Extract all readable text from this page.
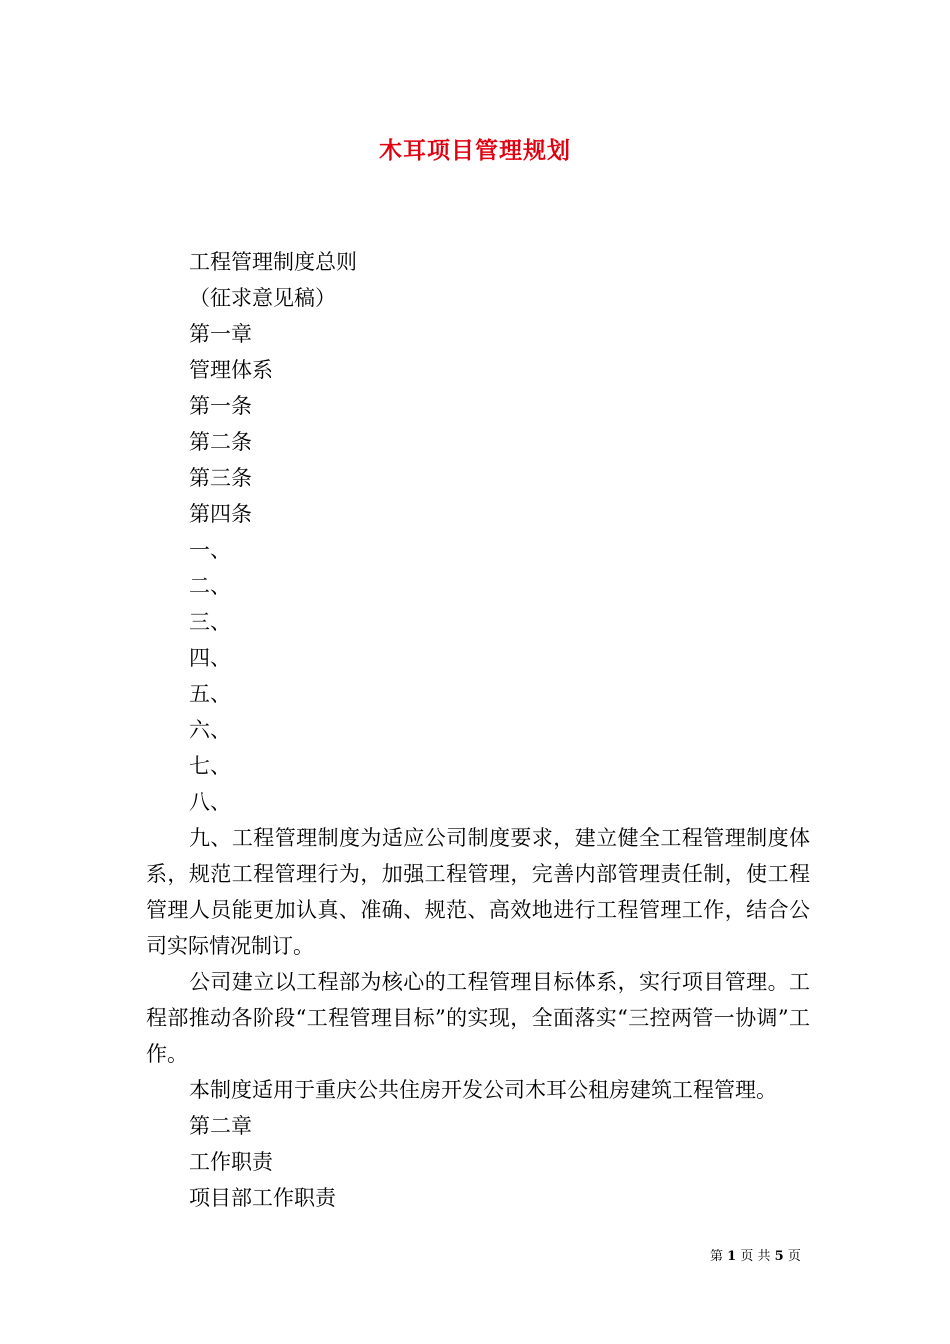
木耳项目管理规划
工程管理制度总则
（征求意见稿）
第一章
管理体系
第一条
第二条
第三条
第四条
一、
二、
三、
四、
五、
六、
七、
八、
九、工程管理制度为适应公司制度要求，建立健全工程管理制度体系，规范工程管理行为，加强工程管理，完善内部管理责任制，使工程管理人员能更加认真、准确、规范、高效地进行工程管理工作，结合公司实际情况制订。
公司建立以工程部为核心的工程管理目标体系，实行项目管理。工程部推动各阶段“工程管理目标”的实现，全面落实“三控两管一协调”工作。
本制度适用于重庆公共住房开发公司木耳公租房建筑工程管理。
第二章
工作职责
项目部工作职责
第 1 页 共 5 页
